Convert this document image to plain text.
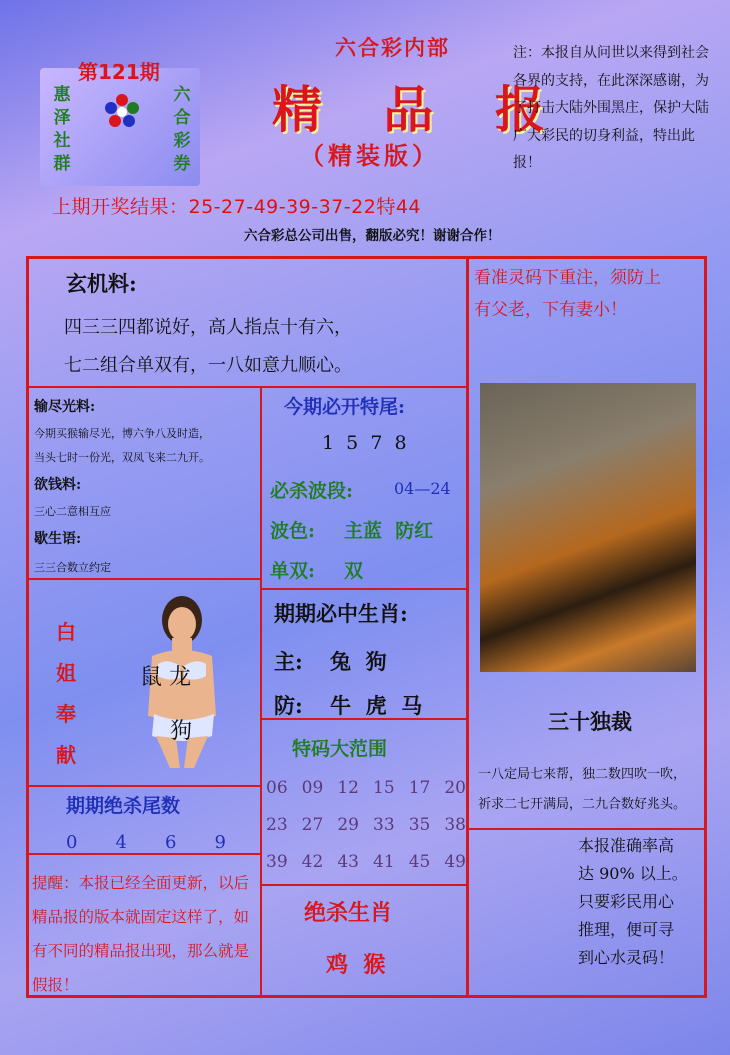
第121期
惠
泽
社
群
六
合
彩
券
六合彩内部
精 品 报
（精装版）
注：本报自从问世以来得到社会各界的支持，在此深深感谢，为了打击大陆外围黑庄，保护大陆广大彩民的切身利益，特出此报！
上期开奖结果：25-27-49-39-37-22特44
六合彩总公司出售，翻版必究！谢谢合作！
玄机料:
四三三四都说好，高人指点十有六，
七二组合单双有，一八如意九顺心。
看准灵码下重注，须防上
有父老，下有妻小！
输尽光料:
今期买猴输尽光，博六争八及时造，
当头七时一份光，双凤飞来二九开。
欲钱料:
三心二意相互应
歇生语:
三三合数立约定
今期必开特尾:
1  5  7  8
必杀波段:	04—24
波色: 主蓝  防红
单双: 双
期期必中生肖:
主: 兔  狗
防: 牛  虎  马
特码大范围
06 09 12 15 17 20
23 27 29 33 35 38
39 42 43 41 45 49
绝杀生肖
鸡  猴
白
姐
奉
献
鼠 龙
狗
期期绝杀尾数
0 4 6 9
提醒：本报已经全面更新，以后精品报的版本就固定这样了，如有不同的精品报出现，那么就是假报！
三十独裁
一八定局七来帮，独二数四吹一吹，
祈求二七开满局，二九合数好兆头。
本报准确率高
达 90% 以上。
只要彩民用心
推理，便可寻
到心水灵码！
